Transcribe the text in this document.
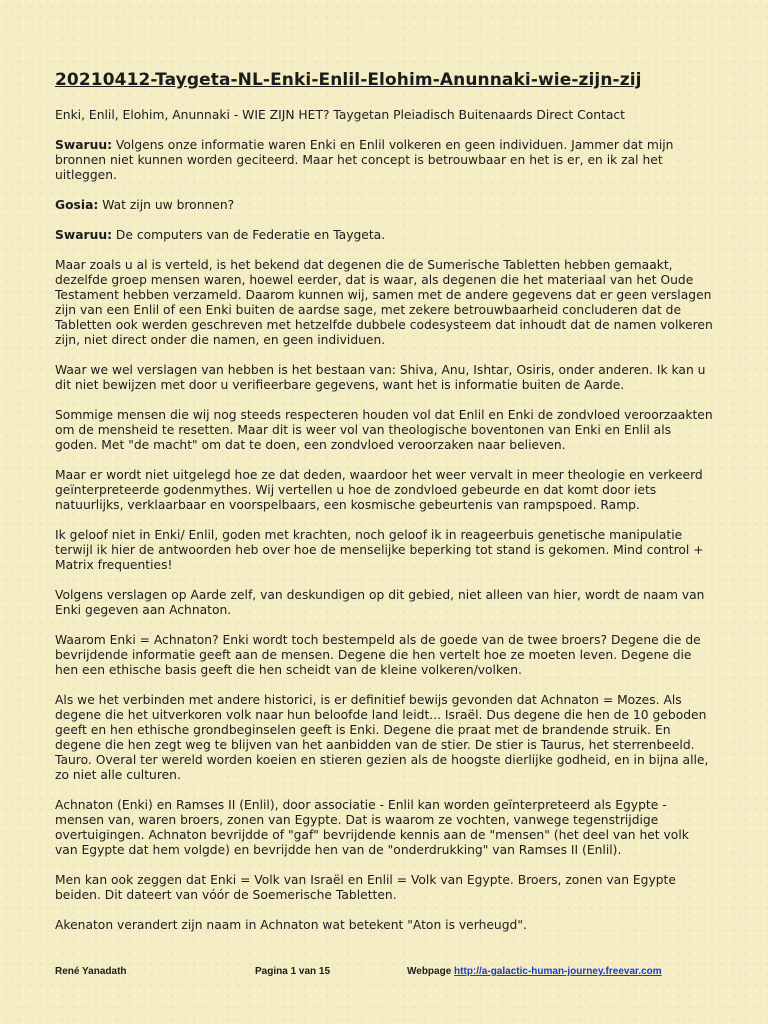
20210412-Taygeta-NL-Enki-Enlil-Elohim-Anunnaki-wie-zijn-zij
Enki, Enlil, Elohim, Anunnaki - WIE ZIJN HET? Taygetan Pleiadisch Buitenaards Direct Contact
Swaruu: Volgens onze informatie waren Enki en Enlil volkeren en geen individuen. Jammer dat mijn bronnen niet kunnen worden geciteerd. Maar het concept is betrouwbaar en het is er, en ik zal het uitleggen.
Gosia: Wat zijn uw bronnen?
Swaruu: De computers van de Federatie en Taygeta.
Maar zoals u al is verteld, is het bekend dat degenen die de Sumerische Tabletten hebben gemaakt, dezelfde groep mensen waren, hoewel eerder, dat is waar, als degenen die het materiaal van het Oude Testament hebben verzameld. Daarom kunnen wij, samen met de andere gegevens dat er geen verslagen zijn van een Enlil of een Enki buiten de aardse sage, met zekere betrouwbaarheid concluderen dat de Tabletten ook werden geschreven met hetzelfde dubbele codesysteem dat inhoudt dat de namen volkeren zijn, niet direct onder die namen, en geen individuen.
Waar we wel verslagen van hebben is het bestaan van: Shiva, Anu, Ishtar, Osiris, onder anderen. Ik kan u dit niet bewijzen met door u verifieerbare gegevens, want het is informatie buiten de Aarde.
Sommige mensen die wij nog steeds respecteren houden vol dat Enlil en Enki de zondvloed veroorzaakten om de mensheid te resetten. Maar dit is weer vol van theologische boventonen van Enki en Enlil als goden. Met "de macht" om dat te doen, een zondvloed veroorzaken naar believen.
Maar er wordt niet uitgelegd hoe ze dat deden, waardoor het weer vervalt in meer theologie en verkeerd geïnterpreteerde godenmythes. Wij vertellen u hoe de zondvloed gebeurde en dat komt door iets natuurlijks, verklaarbaar en voorspelbaars, een kosmische gebeurtenis van rampspoed. Ramp.
Ik geloof niet in Enki/ Enlil, goden met krachten, noch geloof ik in reageerbuis genetische manipulatie terwijl ik hier de antwoorden heb over hoe de menselijke beperking tot stand is gekomen. Mind control + Matrix frequenties!
Volgens verslagen op Aarde zelf, van deskundigen op dit gebied, niet alleen van hier, wordt de naam van Enki gegeven aan Achnaton.
Waarom Enki = Achnaton? Enki wordt toch bestempeld als de goede van de twee broers? Degene die de bevrijdende informatie geeft aan de mensen. Degene die hen vertelt hoe ze moeten leven. Degene die hen een ethische basis geeft die hen scheidt van de kleine volkeren/volken.
Als we het verbinden met andere historici, is er definitief bewijs gevonden dat Achnaton = Mozes. Als degene die het uitverkoren volk naar hun beloofde land leidt... Israël. Dus degene die hen de 10 geboden geeft en hen ethische grondbeginselen geeft is Enki. Degene die praat met de brandende struik. En degene die hen zegt weg te blijven van het aanbidden van de stier. De stier is Taurus, het sterrenbeeld. Tauro. Overal ter wereld worden koeien en stieren gezien als de hoogste dierlijke godheid, en in bijna alle, zo niet alle culturen.
Achnaton (Enki) en Ramses II (Enlil), door associatie - Enlil kan worden geïnterpreteerd als Egypte - mensen van, waren broers, zonen van Egypte. Dat is waarom ze vochten, vanwege tegenstrijdige overtuigingen. Achnaton bevrijdde of "gaf" bevrijdende kennis aan de "mensen" (het deel van het volk van Egypte dat hem volgde) en bevrijdde hen van de "onderdrukking" van Ramses II (Enlil).
Men kan ook zeggen dat Enki = Volk van Israël en Enlil = Volk van Egypte. Broers, zonen van Egypte beiden. Dit dateert van vóór de Soemerische Tabletten.
Akenaton verandert zijn naam in Achnaton wat betekent "Aton is verheugd".
René Yanadath	Pagina 1 van 15	Webpage http://a-galactic-human-journey.freevar.com
